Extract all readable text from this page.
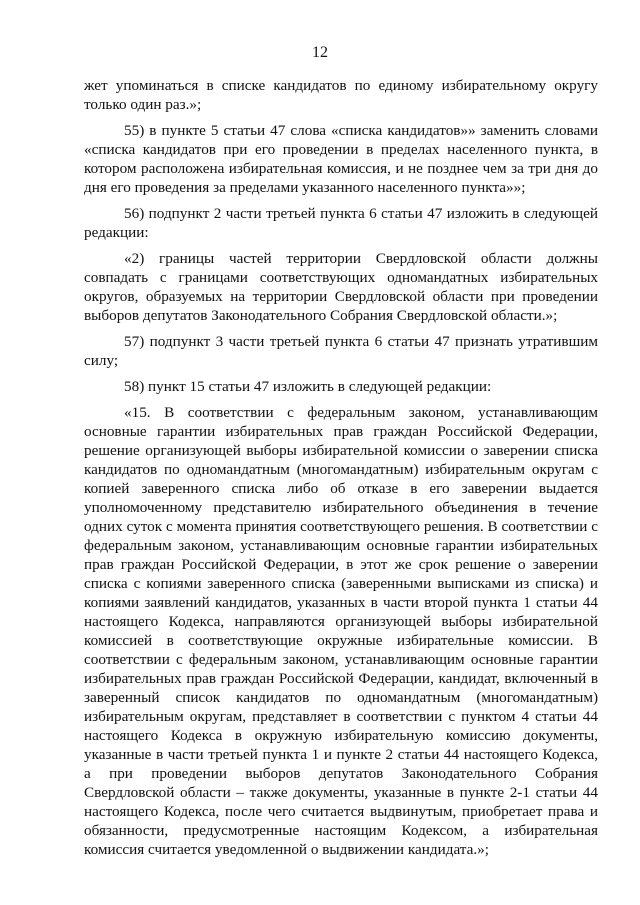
12

жет упоминаться в списке кандидатов по единому избирательному округу только один раз.»;

55) в пункте 5 статьи 47 слова «списка кандидатов»» заменить словами «списка кандидатов при его проведении в пределах населенного пункта, в котором расположена избирательная комиссия, и не позднее чем за три дня до дня его проведения за пределами указанного населенного пункта»»;

56) подпункт 2 части третьей пункта 6 статьи 47 изложить в следующей редакции:

«2) границы частей территории Свердловской области должны совпадать с границами соответствующих одномандатных избирательных округов, образуемых на территории Свердловской области при проведении выборов депутатов Законодательного Собрания Свердловской области.»;

57) подпункт 3 части третьей пункта 6 статьи 47 признать утратившим силу;

58) пункт 15 статьи 47 изложить в следующей редакции:

«15. В соответствии с федеральным законом, устанавливающим основные гарантии избирательных прав граждан Российской Федерации, решение организующей выборы избирательной комиссии о заверении списка кандидатов по одномандатным (многомандатным) избирательным округам с копией заверенного списка либо об отказе в его заверении выдается уполномоченному представителю избирательного объединения в течение одних суток с момента принятия соответствующего решения. В соответствии с федеральным законом, устанавливающим основные гарантии избирательных прав граждан Российской Федерации, в этот же срок решение о заверении списка с копиями заверенного списка (заверенными выписками из списка) и копиями заявлений кандидатов, указанных в части второй пункта 1 статьи 44 настоящего Кодекса, направляются организующей выборы избирательной комиссией в соответствующие окружные избирательные комиссии. В соответствии с федеральным законом, устанавливающим основные гарантии избирательных прав граждан Российской Федерации, кандидат, включенный в заверенный список кандидатов по одномандатным (многомандатным) избирательным округам, представляет в соответствии с пунктом 4 статьи 44 настоящего Кодекса в окружную избирательную комиссию документы, указанные в части третьей пункта 1 и пункте 2 статьи 44 настоящего Кодекса, а при проведении выборов депутатов Законодательного Собрания Свердловской области – также документы, указанные в пункте 2-1 статьи 44 настоящего Кодекса, после чего считается выдвинутым, приобретает права и обязанности, предусмотренные настоящим Кодексом, а избирательная комиссия считается уведомленной о выдвижении кандидата.»;
